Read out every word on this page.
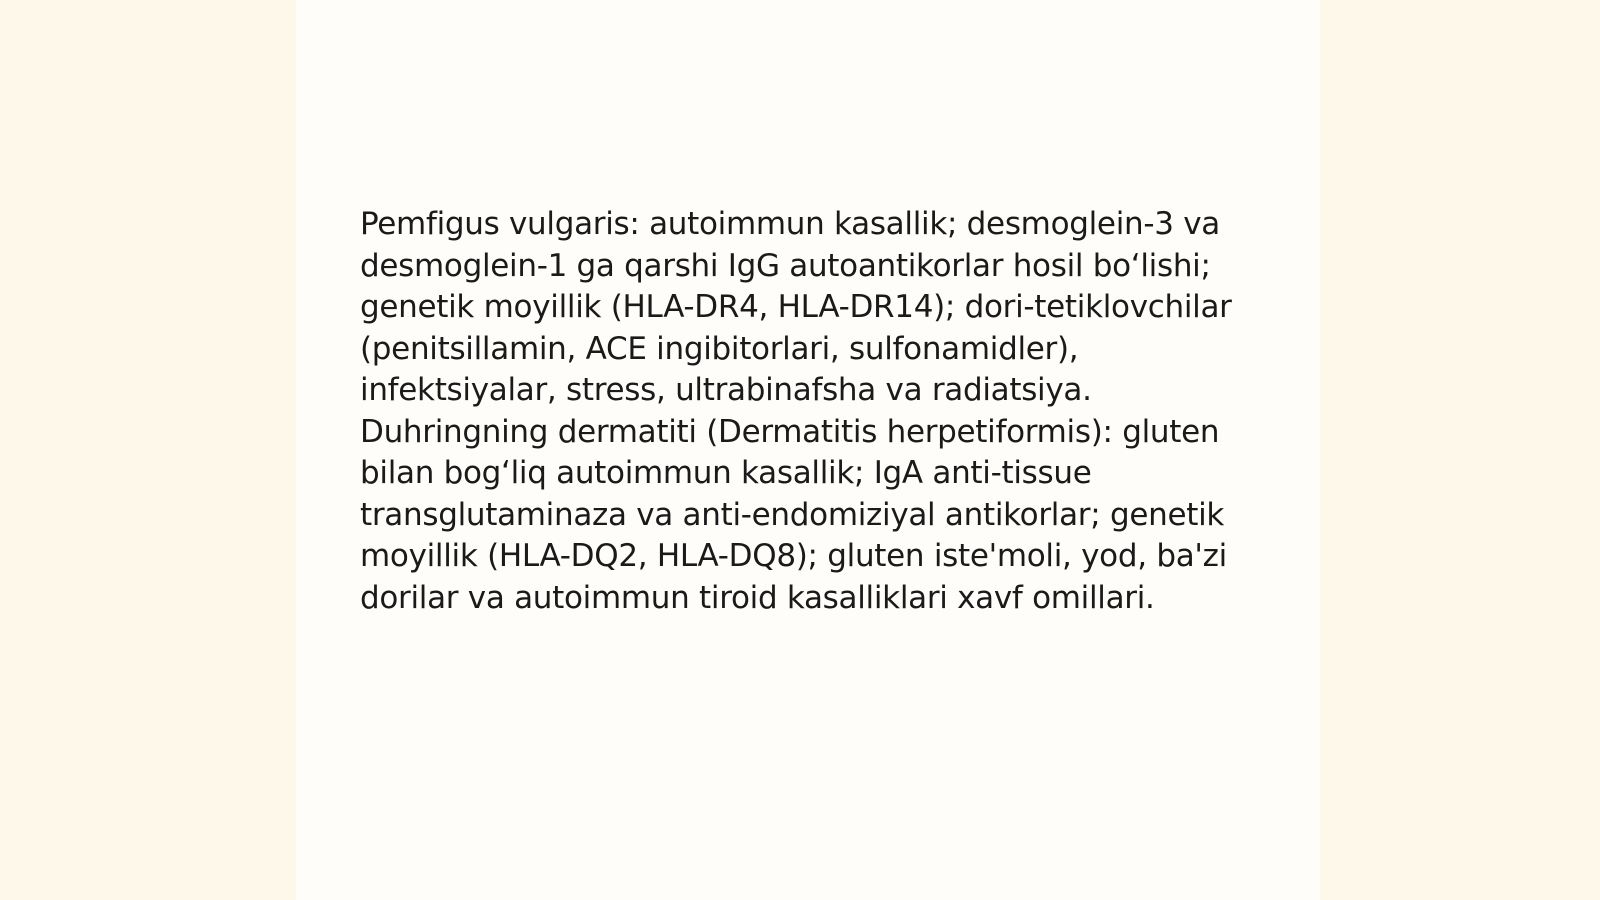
Pemfigus vulgaris: autoimmun kasallik; desmoglein-3 va desmoglein-1 ga qarshi IgG autoantikorlar hosil bo‘lishi; genetik moyillik (HLA-DR4, HLA-DR14); dori-tetiklovchilar (penitsillamin, ACE ingibitorlari, sulfonamidler), infektsiyalar, stress, ultrabinafsha va radiatsiya. Duhringning dermatiti (Dermatitis herpetiformis): gluten bilan bog‘liq autoimmun kasallik; IgA anti-tissue transglutaminaza va anti-endomiziyal antikorlar; genetik moyillik (HLA-DQ2, HLA-DQ8); gluten iste'moli, yod, ba'zi dorilar va autoimmun tiroid kasalliklari xavf omillari.
